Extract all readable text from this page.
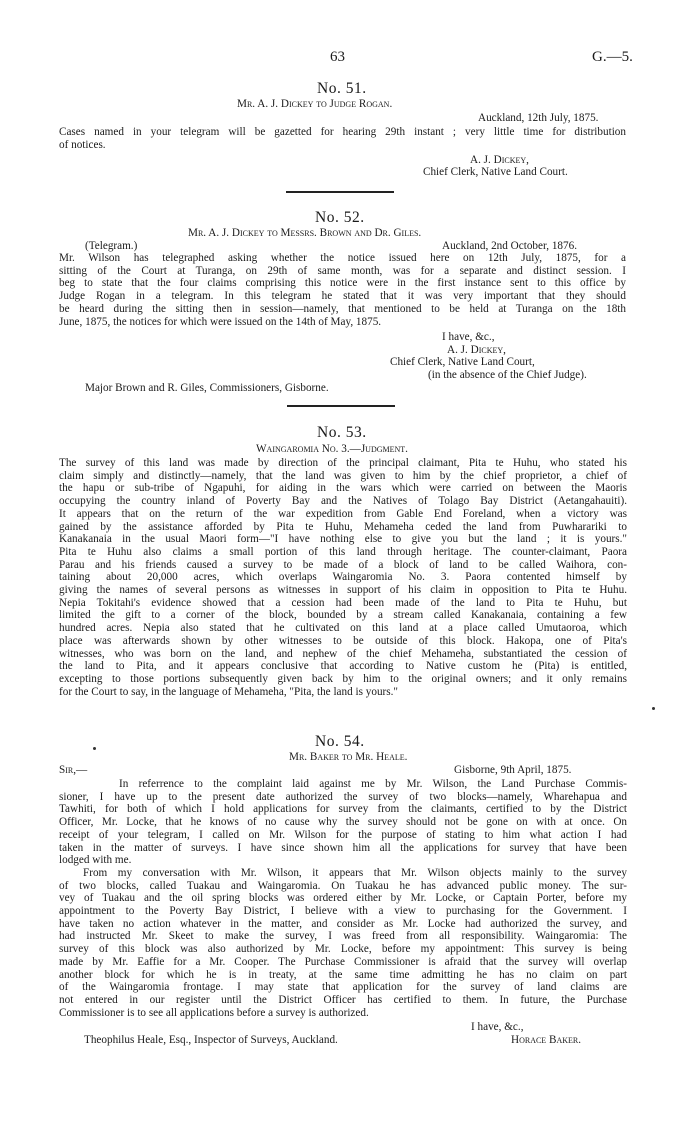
63	G.—5.
No. 51.
Mr. A. J. Dickey to Judge Rogan.
Auckland, 12th July, 1875.
Cases named in your telegram will be gazetted for hearing 29th instant ; very little time for distribution
of notices.
A. J. Dickey,
Chief Clerk, Native Land Court.
No. 52.
Mr. A. J. Dickey to Messrs. Brown and Dr. Giles.
(Telegram.)	Auckland, 2nd October, 1876.
Mr. Wilson has telegraphed asking whether the notice issued here on 12th July, 1875, for a
sitting of the Court at Turanga, on 29th of same month, was for a separate and distinct session. I
beg to state that the four claims comprising this notice were in the first instance sent to this office by
Judge Rogan in a telegram. In this telegram he stated that it was very important that they should
be heard during the sitting then in session—namely, that mentioned to be held at Turanga on the 18th
June, 1875, the notices for which were issued on the 14th of May, 1875.
I have, &c.,
A. J. Dickey,
Chief Clerk, Native Land Court,
(in the absence of the Chief Judge).
Major Brown and R. Giles, Commissioners, Gisborne.
No. 53.
Waingaromia No. 3.—Judgment.
The survey of this land was made by direction of the principal claimant, Pita te Huhu, who stated his
claim simply and distinctly—namely, that the land was given to him by the chief proprietor, a chief of
the hapu or sub-tribe of Ngapuhi, for aiding in the wars which were carried on between the Maoris
occupying the country inland of Poverty Bay and the Natives of Tolago Bay District (Aetangahauiti).
It appears that on the return of the war expedition from Gable End Foreland, when a victory was
gained by the assistance afforded by Pita te Huhu, Mehameha ceded the land from Puwharariki to
Kanakanaia in the usual Maori form—"I have nothing else to give you but the land ; it is yours."
Pita te Huhu also claims a small portion of this land through heritage. The counter-claimant, Paora
Parau and his friends caused a survey to be made of a block of land to be called Waihora, con-
taining about 20,000 acres, which overlaps Waingaromia No. 3. Paora contented himself by
giving the names of several persons as witnesses in support of his claim in opposition to Pita te Huhu.
Nepia Tokitahi's evidence showed that a cession had been made of the land to Pita te Huhu, but
limited the gift to a corner of the block, bounded by a stream called Kanakanaia, containing a few
hundred acres. Nepia also stated that he cultivated on this land at a place called Umutaoroa, which
place was afterwards shown by other witnesses to be outside of this block. Hakopa, one of Pita's
witnesses, who was born on the land, and nephew of the chief Mehameha, substantiated the cession of
the land to Pita, and it appears conclusive that according to Native custom he (Pita) is entitled,
excepting to those portions subsequently given back by him to the original owners; and it only remains
for the Court to say, in the language of Mehameha, "Pita, the land is yours."
No. 54.
Mr. Baker to Mr. Heale.
Sir,—	Gisborne, 9th April, 1875.
In referrence to the complaint laid against me by Mr. Wilson, the Land Purchase Commis-
sioner, I have up to the present date authorized the survey of two blocks—namely, Wharehapua and
Tawhiti, for both of which I hold applications for survey from the claimants, certified to by the District
Officer, Mr. Locke, that he knows of no cause why the survey should not be gone on with at once. On
receipt of your telegram, I called on Mr. Wilson for the purpose of stating to him what action I had
taken in the matter of surveys. I have since shown him all the applications for survey that have been
lodged with me.
From my conversation with Mr. Wilson, it appears that Mr. Wilson objects mainly to the survey
of two blocks, called Tuakau and Waingaromia. On Tuakau he has advanced public money. The sur-
vey of Tuakau and the oil spring blocks was ordered either by Mr. Locke, or Captain Porter, before my
appointment to the Poverty Bay District, I believe with a view to purchasing for the Government. I
have taken no action whatever in the matter, and consider as Mr. Locke had authorized the survey, and
had instructed Mr. Skeet to make the survey, I was freed from all responsibility. Waingaromia: The
survey of this block was also authorized by Mr. Locke, before my appointment: This survey is being
made by Mr. Eaffie for a Mr. Cooper. The Purchase Commissioner is afraid that the survey will overlap
another block for which he is in treaty, at the same time admitting he has no claim on part
of the Waingaromia frontage. I may state that application for the survey of land claims are
not entered in our register until the District Officer has certified to them. In future, the Purchase
Commissioner is to see all applications before a survey is authorized.
I have, &c.,
Theophilus Heale, Esq., Inspector of Surveys, Auckland.	Horace Baker.
